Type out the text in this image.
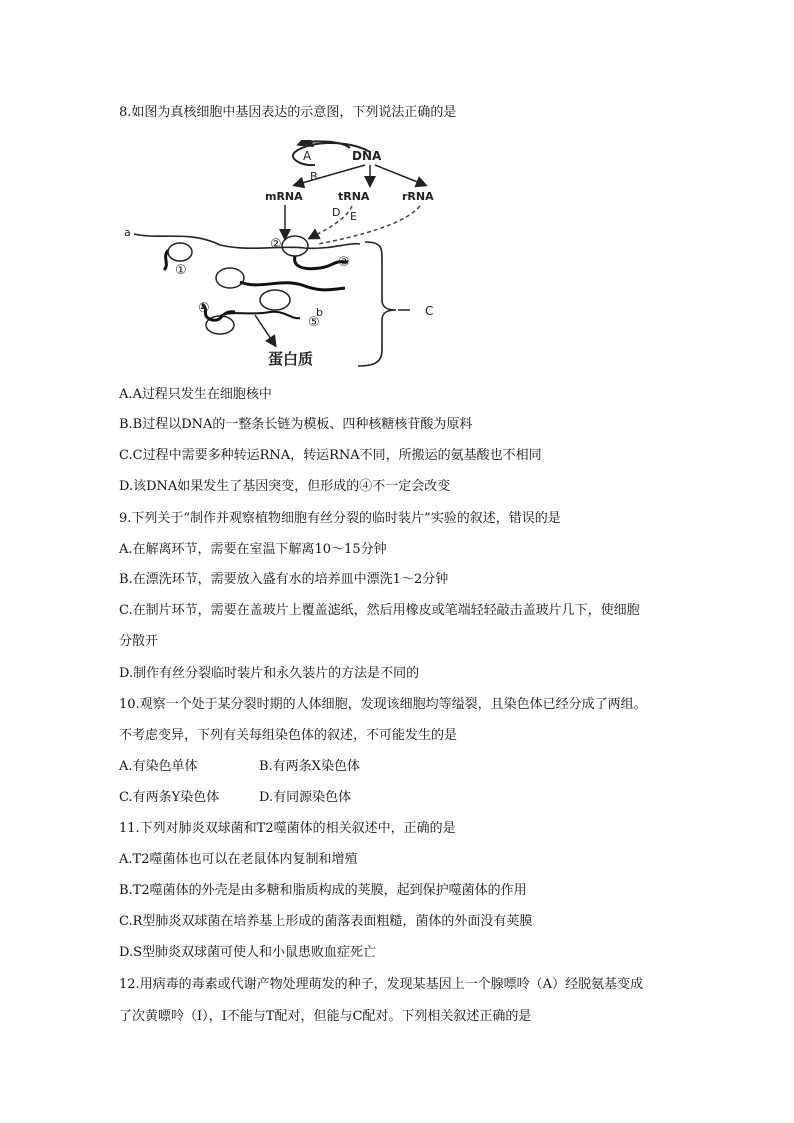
8.如图为真核细胞中基因表达的示意图，下列说法正确的是
A	DNA
B
mRNA	tRNA	rRNA
D E
a
①
②
③
④
⑤
b
蛋白质
C
A.A过程只发生在细胞核中
B.B过程以DNA的一整条长链为模板、四种核糖核苷酸为原料
C.C过程中需要多种转运RNA，转运RNA不同，所搬运的氨基酸也不相同
D.该DNA如果发生了基因突变，但形成的④不一定会改变
9.下列关于“制作并观察植物细胞有丝分裂的临时装片”实验的叙述，错误的是
A.在解离环节，需要在室温下解离10～15分钟
B.在漂洗环节，需要放入盛有水的培养皿中漂洗1～2分钟
C.在制片环节，需要在盖玻片上覆盖滤纸，然后用橡皮或笔端轻轻敲击盖玻片几下，使细胞
分散开
D.制作有丝分裂临时装片和永久装片的方法是不同的
10.观察一个处于某分裂时期的人体细胞，发现该细胞均等缢裂，且染色体已经分成了两组。
不考虑变异，下列有关每组染色体的叙述，不可能发生的是
A.有染色单体	B.有两条X染色体
C.有两条Y染色体	D.有同源染色体
11.下列对肺炎双球菌和T2噬菌体的相关叙述中，正确的是
A.T2噬菌体也可以在老鼠体内复制和增殖
B.T2噬菌体的外壳是由多糖和脂质构成的荚膜，起到保护噬菌体的作用
C.R型肺炎双球菌在培养基上形成的菌落表面粗糙，菌体的外面没有荚膜
D.S型肺炎双球菌可使人和小鼠患败血症死亡
12.用病毒的毒素或代谢产物处理萌发的种子，发现某基因上一个腺嘌呤（A）经脱氨基变成
了次黄嘌呤（I），I不能与T配对，但能与C配对。下列相关叙述正确的是
